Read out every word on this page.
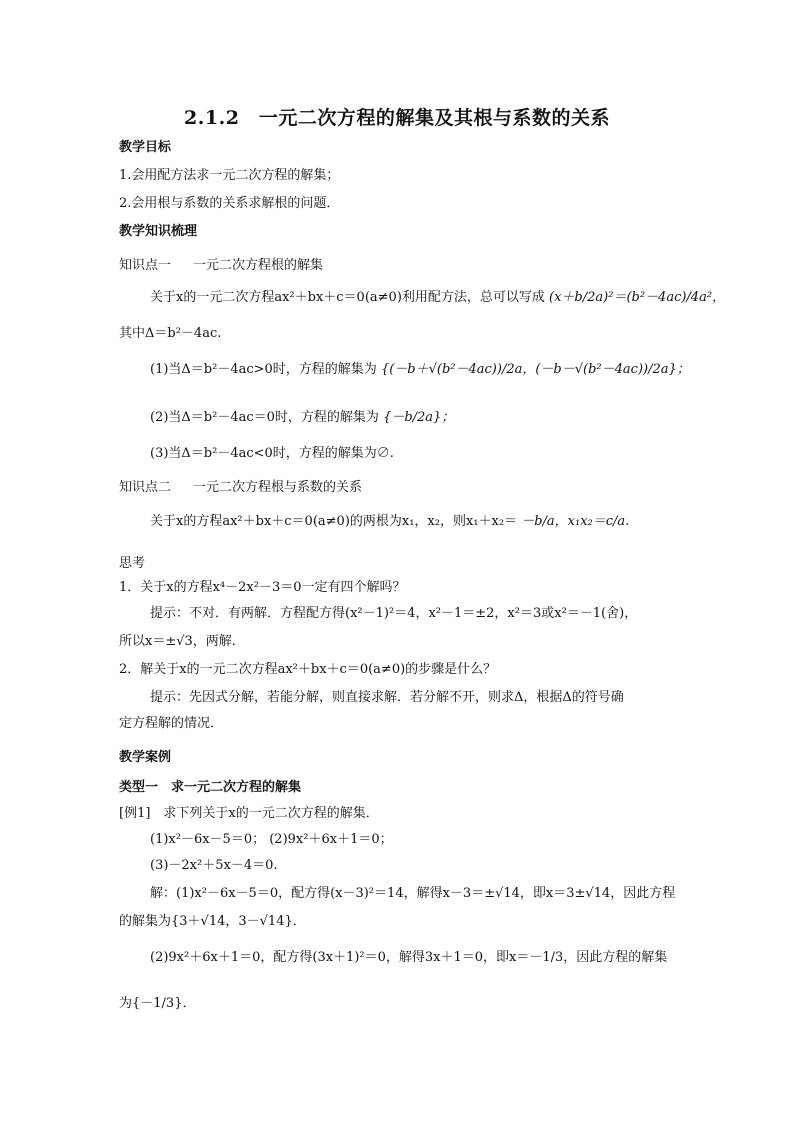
2.1.2　一元二次方程的解集及其根与系数的关系
教学目标
1.会用配方法求一元二次方程的解集；
2.会用根与系数的关系求解根的问题．
教学知识梳理
知识点一 一元二次方程根的解集
关于x的一元二次方程ax²＋bx＋c＝0(a≠0)利用配方法，总可以写成 (x＋b/2a)²＝(b²－4ac)/4a²，
其中Δ＝b²－4ac.
(1)当Δ＝b²－4ac>0时，方程的解集为 {(－b＋√(b²－4ac))/2a，(－b－√(b²－4ac))/2a}；
(2)当Δ＝b²－4ac＝0时，方程的解集为 {－b/2a}；
(3)当Δ＝b²－4ac<0时，方程的解集为∅.
知识点二 一元二次方程根与系数的关系
关于x的方程ax²＋bx＋c＝0(a≠0)的两根为x₁，x₂，则x₁＋x₂＝ －b/a，x₁x₂＝c/a.
思考
1．关于x的方程x⁴－2x²－3＝0一定有四个解吗？
提示：不对．有两解．方程配方得(x²－1)²＝4，x²－1＝±2，x²＝3或x²＝－1(舍)，
所以x＝±√3，两解．
2．解关于x的一元二次方程ax²＋bx＋c＝0(a≠0)的步骤是什么？
提示：先因式分解，若能分解，则直接求解．若分解不开，则求Δ，根据Δ的符号确
定方程解的情况．
教学案例
类型一　求一元二次方程的解集
[例1]　求下列关于x的一元二次方程的解集．
(1)x²－6x－5＝0； (2)9x²＋6x＋1＝0；
(3)－2x²＋5x－4＝0.
解：(1)x²－6x－5＝0，配方得(x－3)²＝14，解得x－3＝±√14，即x＝3±√14，因此方程
的解集为{3＋√14，3－√14}．
(2)9x²＋6x＋1＝0，配方得(3x＋1)²＝0，解得3x＋1＝0，即x＝－1/3，因此方程的解集
为{－1/3}．
